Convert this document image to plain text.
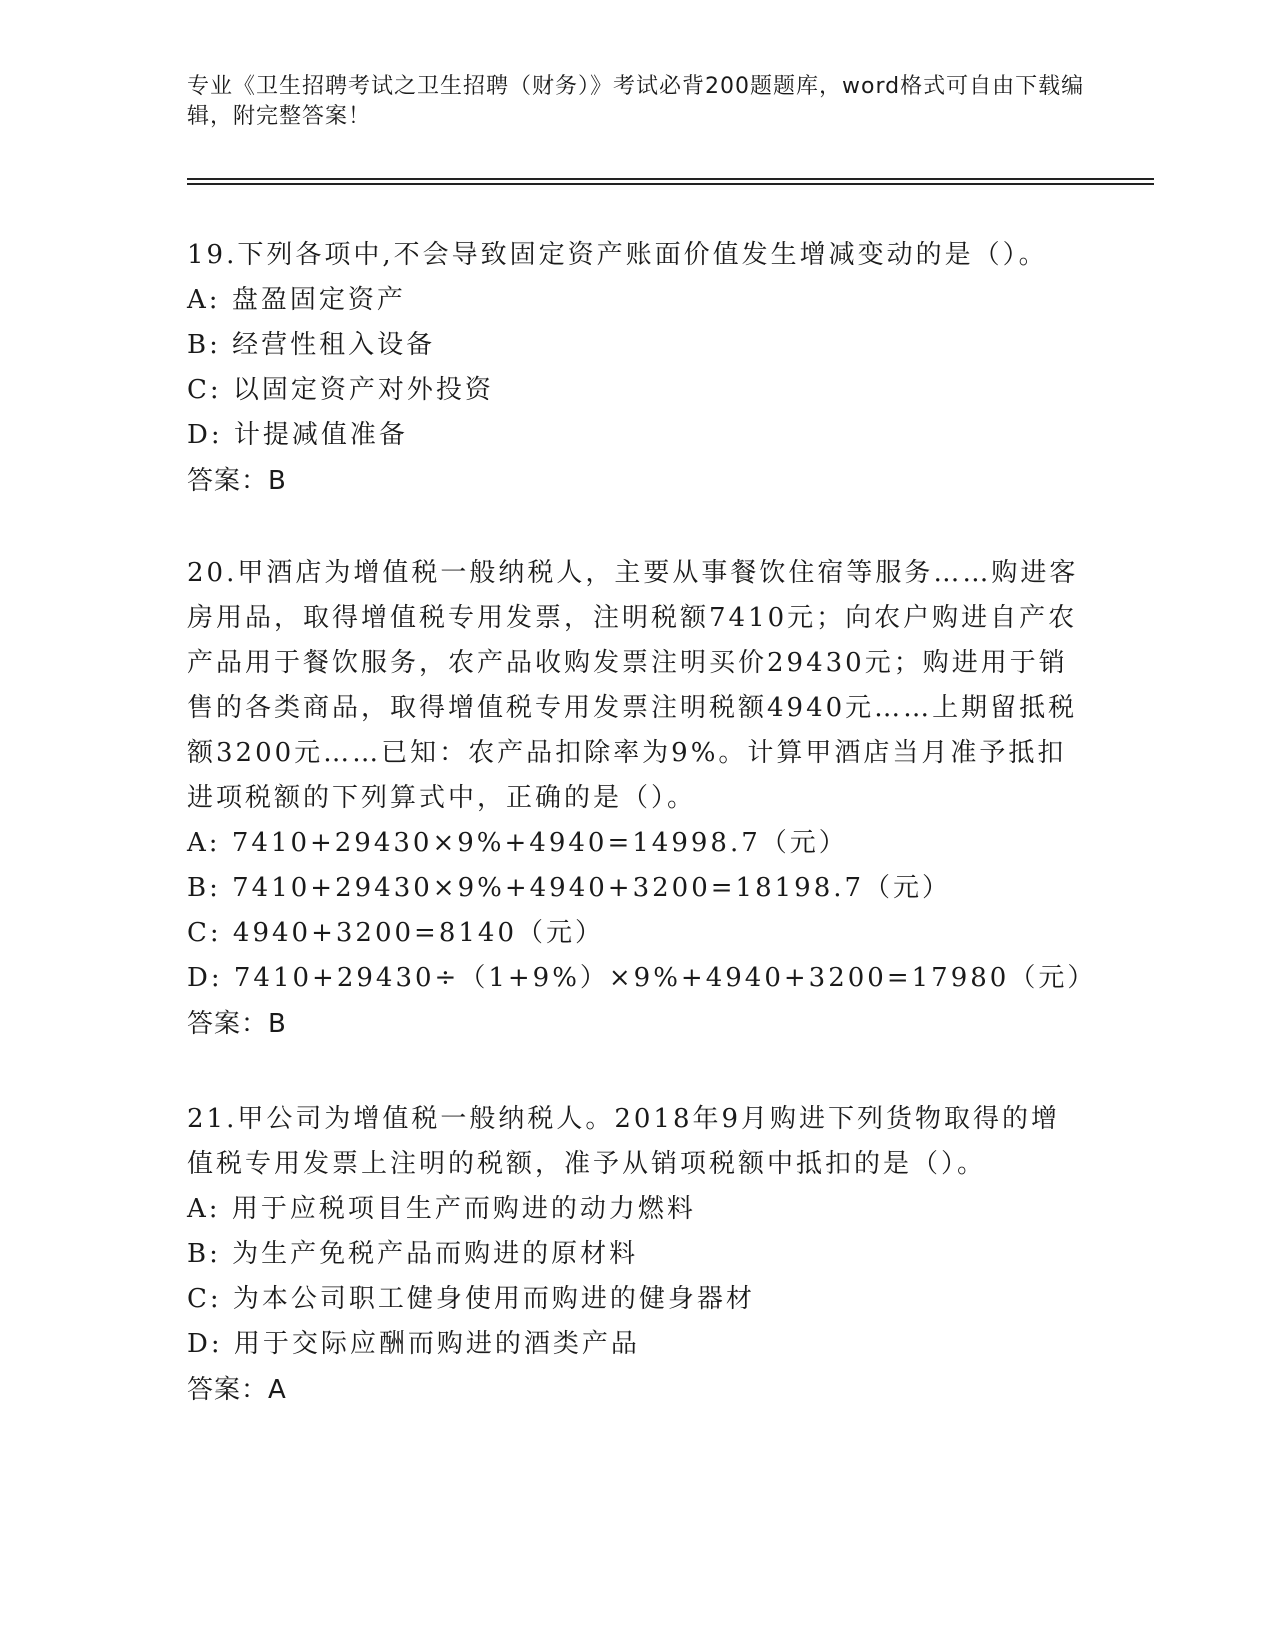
专业《卫生招聘考试之卫生招聘（财务）》考试必背200题题库，word格式可自由下载编辑，附完整答案！
19.下列各项中,不会导致固定资产账面价值发生增减变动的是（）。
A: 盘盈固定资产
B: 经营性租入设备
C: 以固定资产对外投资
D: 计提减值准备
答案：B
20.甲酒店为增值税一般纳税人，主要从事餐饮住宿等服务……购进客房用品，取得增值税专用发票，注明税额7410元；向农户购进自产农产品用于餐饮服务，农产品收购发票注明买价29430元；购进用于销售的各类商品，取得增值税专用发票注明税额4940元……上期留抵税额3200元……已知：农产品扣除率为9%。计算甲酒店当月准予抵扣进项税额的下列算式中，正确的是（）。
A: 7410+29430×9%+4940=14998.7（元）
B: 7410+29430×9%+4940+3200=18198.7（元）
C: 4940+3200=8140（元）
D: 7410+29430÷（1+9%）×9%+4940+3200=17980（元）
答案：B
21.甲公司为增值税一般纳税人。2018年9月购进下列货物取得的增值税专用发票上注明的税额，准予从销项税额中抵扣的是（）。
A: 用于应税项目生产而购进的动力燃料
B: 为生产免税产品而购进的原材料
C: 为本公司职工健身使用而购进的健身器材
D: 用于交际应酬而购进的酒类产品
答案：A
